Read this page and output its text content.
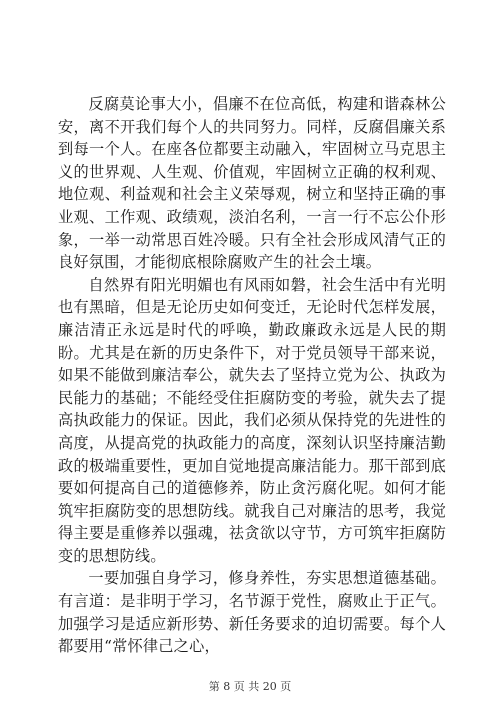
反腐莫论事大小，倡廉不在位高低，构建和谐森林公安，离不开我们每个人的共同努力。同样，反腐倡廉关系到每一个人。在座各位都要主动融入，牢固树立马克思主义的世界观、人生观、价值观，牢固树立正确的权利观、地位观、利益观和社会主义荣辱观，树立和坚持正确的事业观、工作观、政绩观，淡泊名利，一言一行不忘公仆形象，一举一动常思百姓冷暖。只有全社会形成风清气正的良好氛围，才能彻底根除腐败产生的社会土壤。

自然界有阳光明媚也有风雨如磐，社会生活中有光明也有黑暗，但是无论历史如何变迁，无论时代怎样发展，廉洁清正永远是时代的呼唤，勤政廉政永远是人民的期盼。尤其是在新的历史条件下，对于党员领导干部来说，如果不能做到廉洁奉公，就失去了坚持立党为公、执政为民能力的基础；不能经受住拒腐防变的考验，就失去了提高执政能力的保证。因此，我们必须从保持党的先进性的高度，从提高党的执政能力的高度，深刻认识坚持廉洁勤政的极端重要性，更加自觉地提高廉洁能力。那干部到底要如何提高自己的道德修养，防止贪污腐化呢。如何才能筑牢拒腐防变的思想防线。就我自己对廉洁的思考，我觉得主要是重修养以强魂，祛贪欲以守节，方可筑牢拒腐防变的思想防线。

一要加强自身学习，修身养性，夯实思想道德基础。有言道：是非明于学习，名节源于党性，腐败止于正气。加强学习是适应新形势、新任务要求的迫切需要。每个人都要用“常怀律己之心，

第 8 页 共 20 页
